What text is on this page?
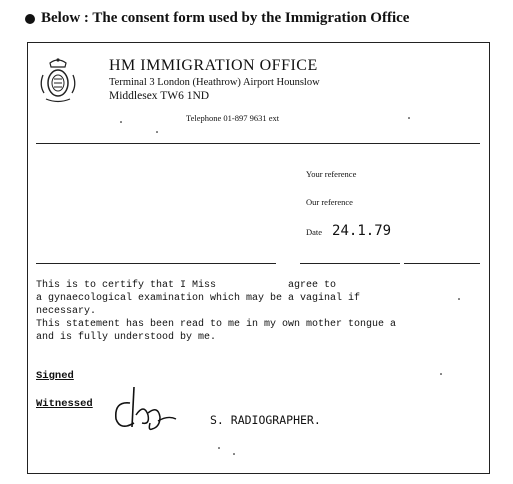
Below : The consent form used by the Immigration Office
HM IMMIGRATION OFFICE
Terminal 3 London (Heathrow) Airport Hounslow
Middlesex TW6 1ND
Telephone 01-897 9631 ext
Your reference
Our reference
Date 24.1.79
This is to certify that I Miss            agree to
a gynaecological examination which may be a vaginal if
necessary.
This statement has been read to me in my own mother tongue a
and is fully understood by me.
Signed
Witnessed
S. RADIOGRAPHER.
